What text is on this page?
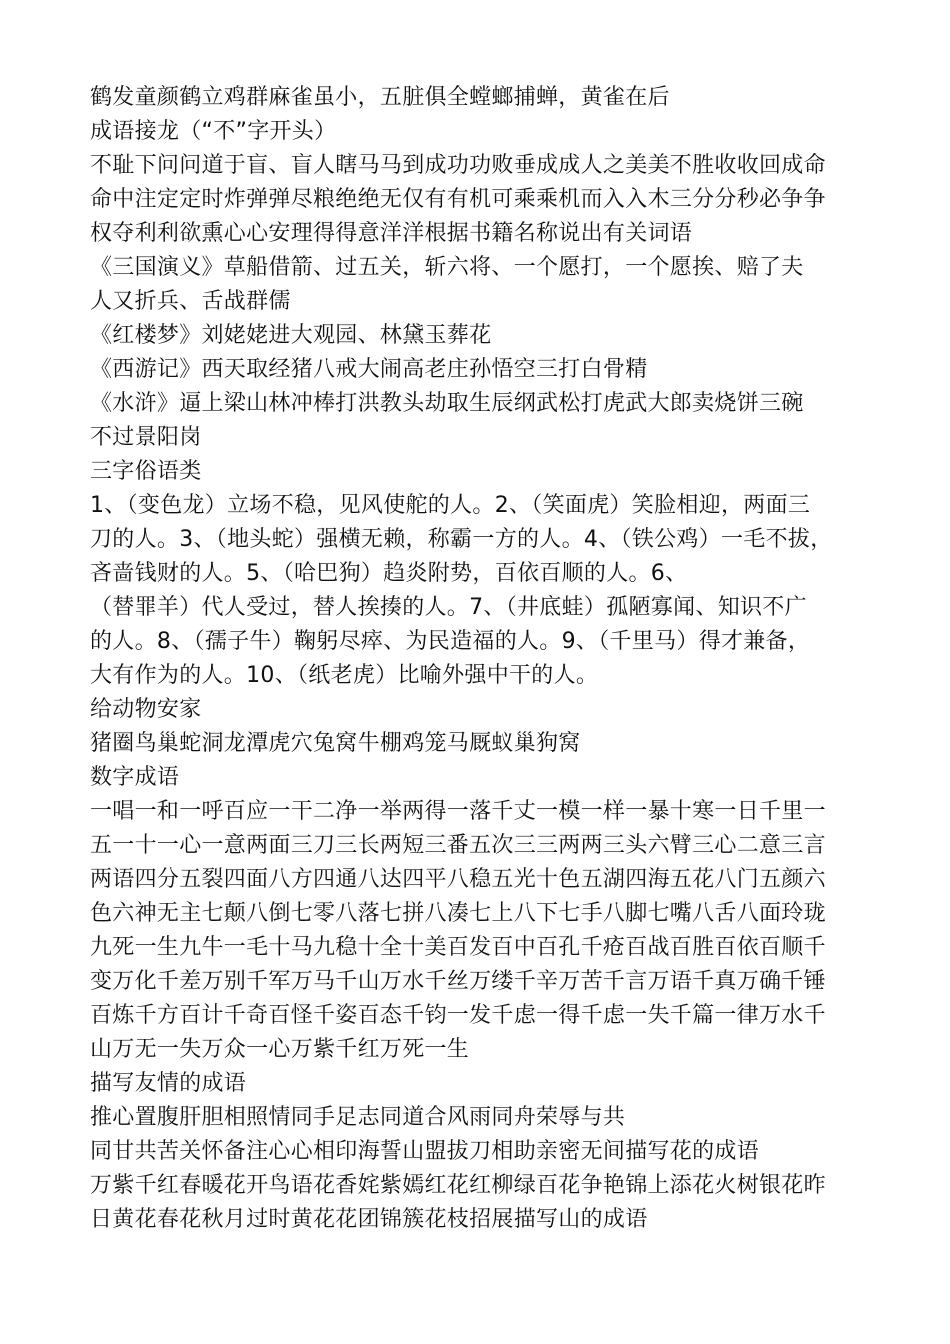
鹤发童颜鹤立鸡群麻雀虽小，五脏俱全螳螂捕蝉，黄雀在后
成语接龙（“不”字开头）
不耻下问问道于盲、盲人瞎马马到成功功败垂成成人之美美不胜收收回成命
命中注定定时炸弹弹尽粮绝绝无仅有有机可乘乘机而入入木三分分秒必争争
权夺利利欲熏心心安理得得意洋洋根据书籍名称说出有关词语
《三国演义》草船借箭、过五关，斩六将、一个愿打，一个愿挨、赔了夫
人又折兵、舌战群儒
《红楼梦》刘姥姥进大观园、林黛玉葬花
《西游记》西天取经猪八戒大闹高老庄孙悟空三打白骨精
《水浒》逼上梁山林冲棒打洪教头劫取生辰纲武松打虎武大郎卖烧饼三碗
不过景阳岗
三字俗语类
1、（变色龙）立场不稳，见风使舵的人。2、（笑面虎）笑脸相迎，两面三
刀的人。3、（地头蛇）强横无赖，称霸一方的人。4、（铁公鸡）一毛不拔，
吝啬钱财的人。5、（哈巴狗）趋炎附势，百依百顺的人。6、
（替罪羊）代人受过，替人挨揍的人。7、（井底蛙）孤陋寡闻、知识不广
的人。8、（孺子牛）鞠躬尽瘁、为民造福的人。9、（千里马）得才兼备，
大有作为的人。10、（纸老虎）比喻外强中干的人。
给动物安家
猪圈鸟巢蛇洞龙潭虎穴兔窝牛棚鸡笼马厩蚁巢狗窝
数字成语
一唱一和一呼百应一干二净一举两得一落千丈一模一样一暴十寒一日千里一
五一十一心一意两面三刀三长两短三番五次三三两两三头六臂三心二意三言
两语四分五裂四面八方四通八达四平八稳五光十色五湖四海五花八门五颜六
色六神无主七颠八倒七零八落七拼八凑七上八下七手八脚七嘴八舌八面玲珑
九死一生九牛一毛十马九稳十全十美百发百中百孔千疮百战百胜百依百顺千
变万化千差万别千军万马千山万水千丝万缕千辛万苦千言万语千真万确千锤
百炼千方百计千奇百怪千姿百态千钧一发千虑一得千虑一失千篇一律万水千
山万无一失万众一心万紫千红万死一生
描写友情的成语
推心置腹肝胆相照情同手足志同道合风雨同舟荣辱与共
同甘共苦关怀备注心心相印海誓山盟拔刀相助亲密无间描写花的成语
万紫千红春暖花开鸟语花香姹紫嫣红花红柳绿百花争艳锦上添花火树银花昨
日黄花春花秋月过时黄花花团锦簇花枝招展描写山的成语
